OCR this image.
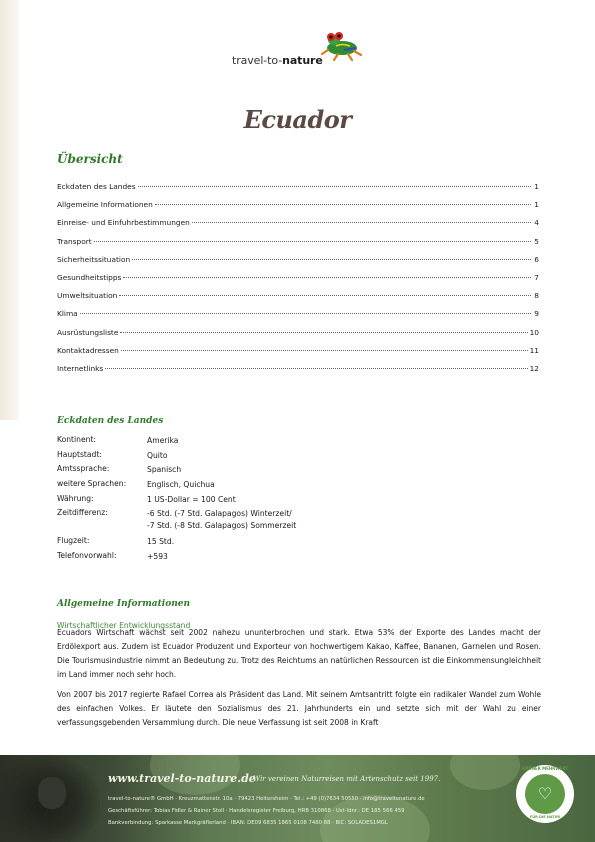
travel-to-nature
Ecuador
Übersicht
Eckdaten des Landes	1
Allgemeine Informationen	1
Einreise- und Einfuhrbestimmungen	4
Transport	5
Sicherheitssituation	6
Gesundheitstipps	7
Umweltsituation	8
Klima	9
Ausrüstungsliste	10
Kontaktadressen	11
Internetlinks	12
Eckdaten des Landes
Kontinent:	Amerika
Hauptstadt:	Quito
Amtssprache:	Spanisch
weitere Sprachen:	Englisch, Quichua
Währung:	1 US-Dollar = 100 Cent
Zeitdifferenz:	-6 Std. (-7 Std. Galapagos) Winterzeit/
-7 Std. (-8 Std. Galapagos) Sommerzeit
Flugzeit:	15 Std.
Telefonvorwahl:	+593
Allgemeine Informationen
Wirtschaftlicher Entwicklungsstand

Ecuadors Wirtschaft wächst seit 2002 nahezu ununterbrochen und stark. Etwa 53% der Exporte des Landes macht der Erdölexport aus. Zudem ist Ecuador Produzent und Exporteur von hochwertigem Kakao, Kaffee, Bananen, Garnelen und Rosen. Die Tourismusindustrie nimmt an Bedeutung zu. Trotz des Reichtums an natürlichen Ressourcen ist die Einkommensungleichheit im Land immer noch sehr hoch.

Von 2007 bis 2017 regierte Rafael Correa als Präsident das Land. Mit seinem Amtsantritt folgte ein radikaler Wandel zum Wohle des einfachen Volkes. Er läutete den Sozialismus des 21. Jahrhunderts ein und setzte sich mit der Wahl zu einer verfassungsgebenden Versammlung durch. Die neue Verfassung ist seit 2008 in Kraft

www.travel-to-nature.de
Wir vereinen Naturreisen mit Artenschutz seit 1997.
travel-to-nature® GmbH · Kreuzmattenstr. 10a · 79423 Heitersheim · Tel.: +49 (0)7634 50550 · info@traveltonature.de
Geschäftsführer: Tobias Fidler & Rainer Stoll · Handelsregister Freiburg, HRB 310868 · Ust-Idnr.: DE 185 566 459
Bankverbindung: Sparkasse Markgräflerland · IBAN: DE09 6835 1865 0108 7480 88 · BIC: SOLADES1MGL
GRÜNER MEHRWERT
♡
FÜR DIE NATUR
